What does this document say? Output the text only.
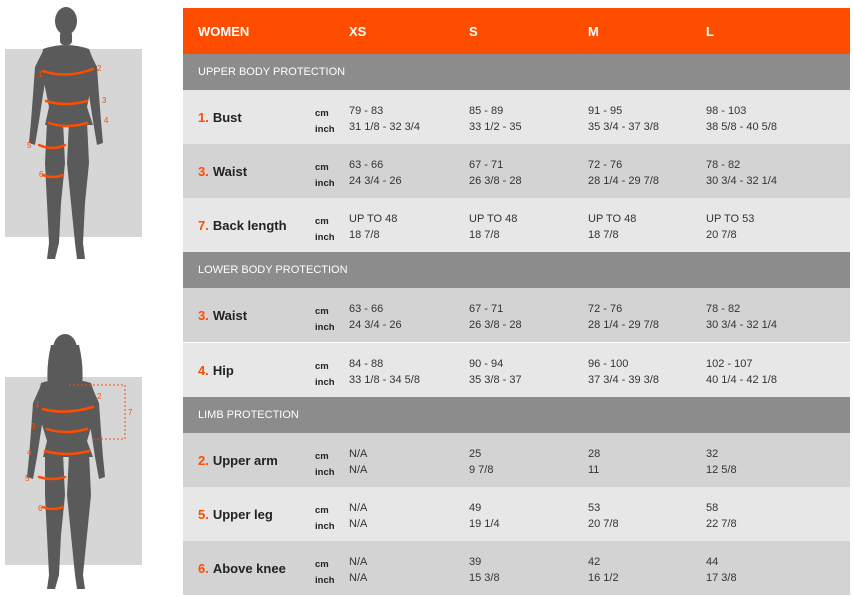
1
2
3
4
5
6
1
2
3
4
5
6
7
WOMEN	XS	S	M	L
UPPER BODY PROTECTION
1. Bust	cm
inch
79 - 83	85 - 89	91 - 95	98 - 103
31 1/8 - 32 3/4	33 1/2 - 35	35 3/4 - 37 3/8	38 5/8 - 40 5/8
3. Waist	cm
inch
63 - 66	67 - 71	72 - 76	78 - 82
24 3/4 - 26	26 3/8 - 28	28 1/4 - 29 7/8	30 3/4 - 32 1/4
7. Back length	cm
inch
UP TO 48	UP TO 48	UP TO 48	UP TO 53
18 7/8	18 7/8	18 7/8	20 7/8
LOWER BODY PROTECTION
3. Waist	cm
inch
63 - 66	67 - 71	72 - 76	78 - 82
24 3/4 - 26	26 3/8 - 28	28 1/4 - 29 7/8	30 3/4 - 32 1/4
4. Hip	cm
inch
84 - 88	90 - 94	96 - 100	102 - 107
33 1/8 - 34 5/8	35 3/8 - 37	37 3/4 - 39 3/8	40 1/4 - 42 1/8
LIMB PROTECTION
2. Upper arm	cm
inch
N/A	25	28	32
N/A	9 7/8	11	12 5/8
5. Upper leg	cm
inch
N/A	49	53	58
N/A	19 1/4	20 7/8	22 7/8
6. Above knee	cm
inch
N/A	39	42	44
N/A	15 3/8	16 1/2	17 3/8
